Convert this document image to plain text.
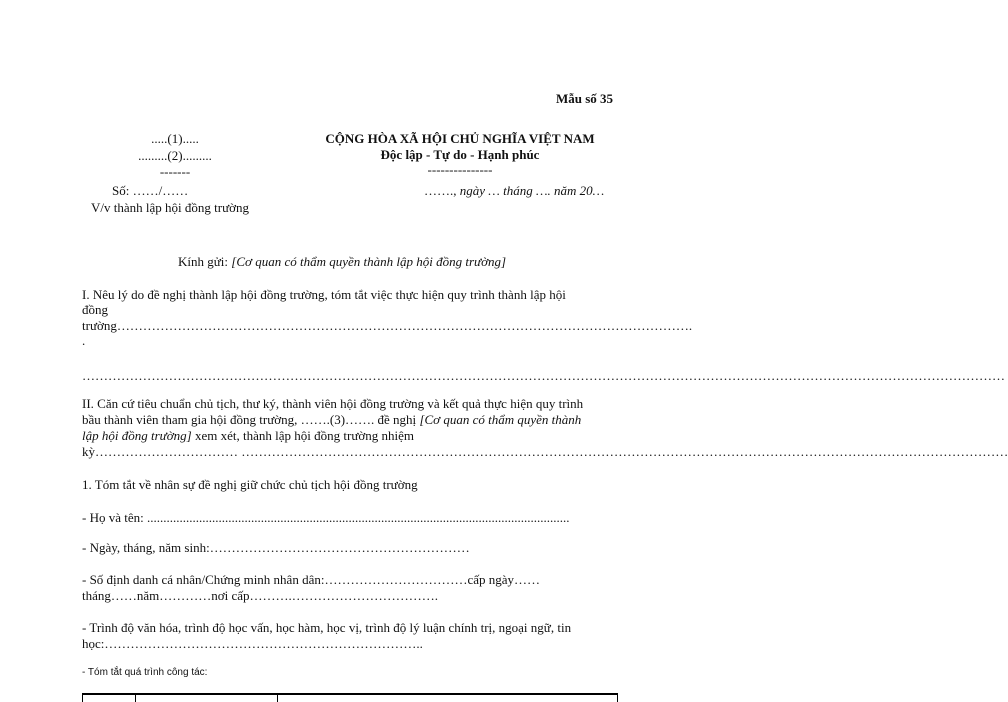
Mẫu số 35
.....(1).....
.........(2).........
-------
Số: ……/……
V/v thành lập hội đồng trường
CỘNG HÒA XÃ HỘI CHỦ NGHĨA VIỆT NAM
Độc lập - Tự do - Hạnh phúc
---------------
……., ngày … tháng …. năm 20…
Kính gửi: [Cơ quan có thẩm quyền thành lập hội đồng trường]
I. Nêu lý do đề nghị thành lập hội đồng trường, tóm tắt việc thực hiện quy trình thành lập hội
đồng
trường …………………………………………………………………………………………………………………….
.
……………………………………………………………………………………………………………………………………………………………………………………………
II. Căn cứ tiêu chuẩn chủ tịch, thư ký, thành viên hội đồng trường và kết quả thực hiện quy trình
bầu thành viên tham gia hội đồng trường, …….(3)……. đề nghị [Cơ quan có thẩm quyền thành
lập hội đồng trường] xem xét, thành lập hội đồng trường nhiệm
kỳ …………………………… ……………………………………………………………………………………………………………………………………………………………
1. Tóm tắt về nhân sự đề nghị giữ chức chủ tịch hội đồng trường
- Họ và tên: ..................................................................................................................................
- Ngày, tháng, năm sinh:……………………………………………………
- Số định danh cá nhân/Chứng minh nhân dân:……………………………cấp ngày……
tháng……năm…………nơi cấp……….…………………………….
- Trình độ văn hóa, trình độ học vấn, học hàm, học vị, trình độ lý luận chính trị, ngoại ngữ, tin
học:………………………………………………………………..
- Tóm tắt quá trình công tác:
